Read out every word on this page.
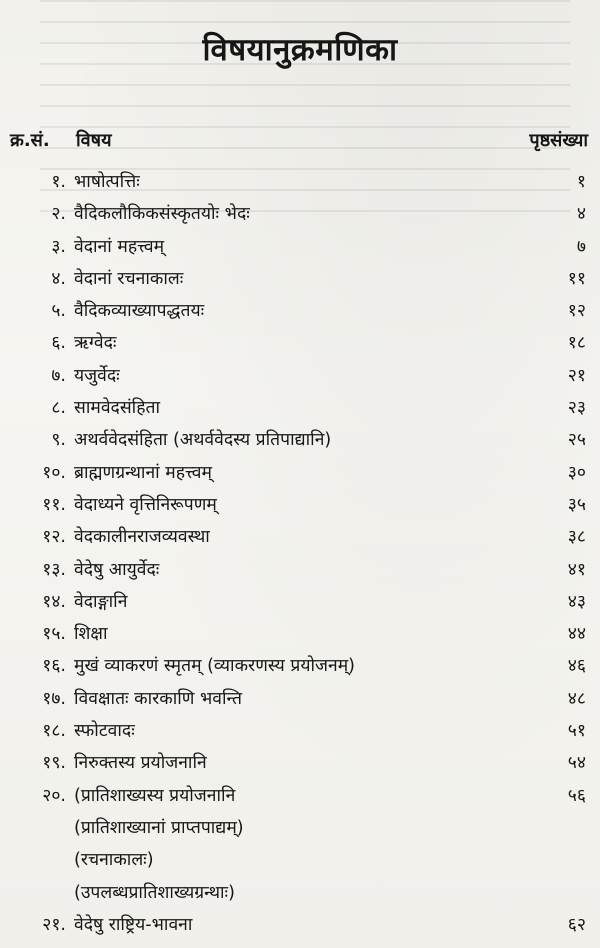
विषयानुक्रमणिका
क्र.सं. विषय	पृष्ठसंख्या
१. भाषोत्पत्तिः	१
२. वैदिकलौकिकसंस्कृतयोः भेदः	४
३. वेदानां महत्त्वम्	७
४. वेदानां रचनाकालः	११
५. वैदिकव्याख्यापद्धतयः	१२
६. ऋग्वेदः	१८
७. यजुर्वेदः	२१
८. सामवेदसंहिता	२३
९. अथर्ववेदसंहिता (अथर्ववेदस्य प्रतिपाद्यानि)	२५
१०. ब्राह्मणग्रन्थानां महत्त्वम्	३०
११. वेदाध्यने वृत्तिनिरूपणम्	३५
१२. वेदकालीनराजव्यवस्था	३८
१३. वेदेषु आयुर्वेदः	४१
१४. वेदाङ्गानि	४३
१५. शिक्षा	४४
१६. मुखं व्याकरणं स्मृतम् (व्याकरणस्य प्रयोजनम्)	४६
१७. विवक्षातः कारकाणि भवन्ति	४८
१८. स्फोटवादः	५१
१९. निरुक्तस्य प्रयोजनानि	५४
२०. (प्रातिशाख्यस्य प्रयोजनानि	५६
(प्रातिशाख्यानां प्राप्तपाद्यम्)
(रचनाकालः)
(उपलब्धप्रातिशाख्यग्रन्थाः)
२१. वेदेषु राष्ट्रिय-भावना	६२
